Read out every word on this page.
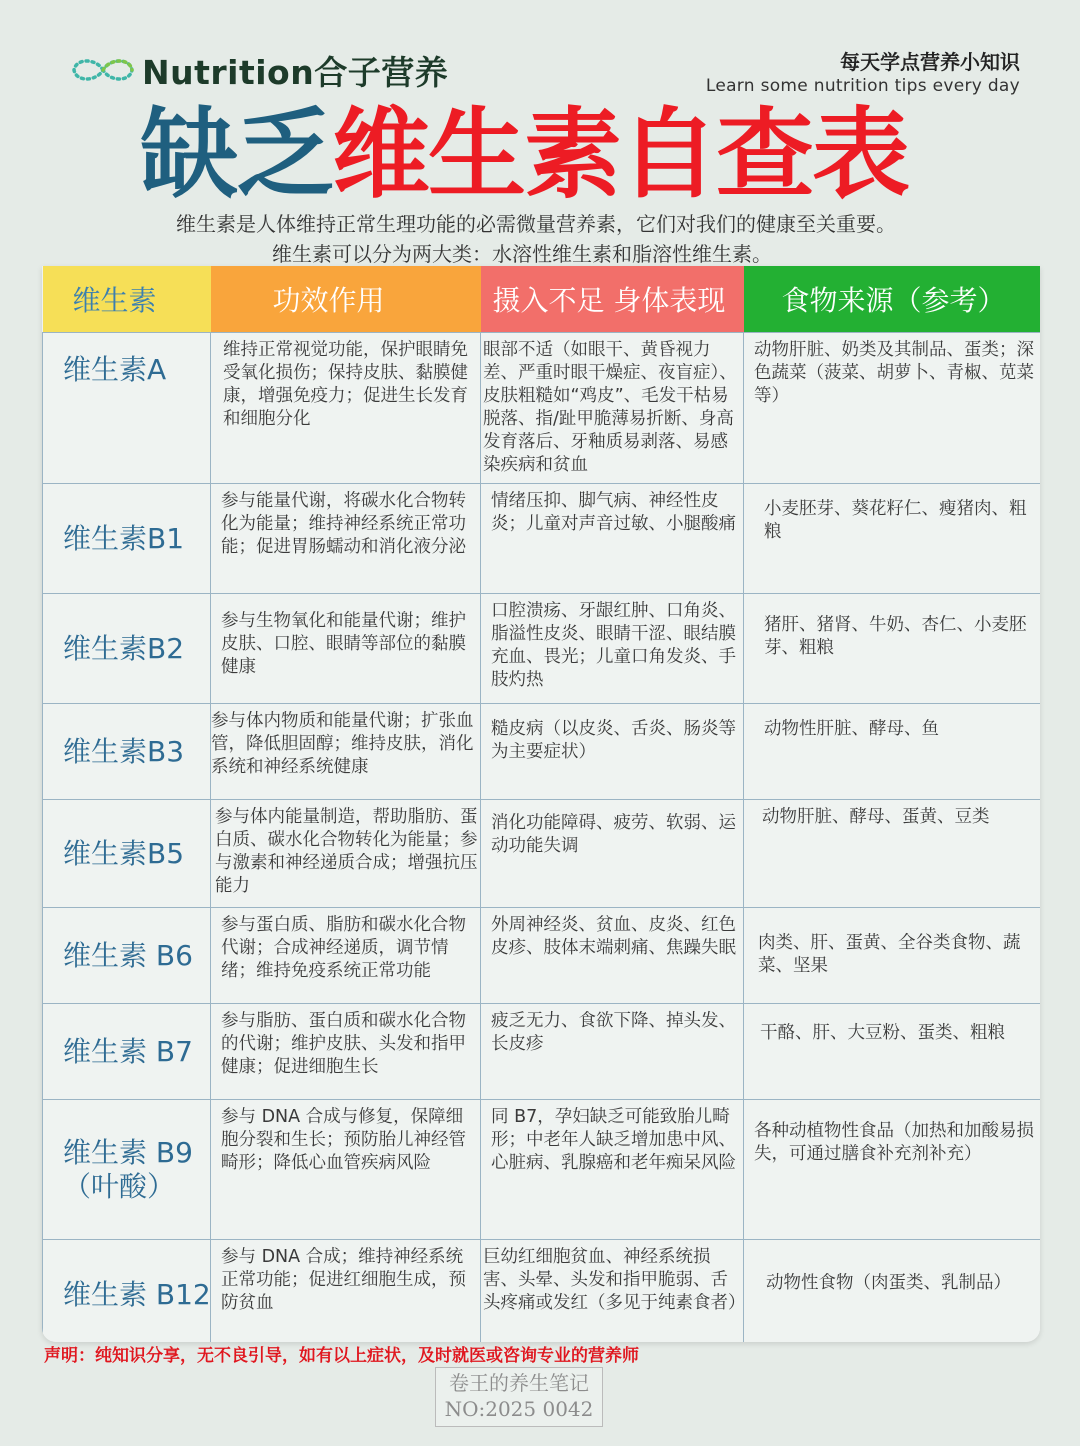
Nutrition合子营养	每天学点营养小知识
Learn some nutrition tips every day
缺乏维生素自查表
维生素是人体维持正常生理功能的必需微量营养素，它们对我们的健康至关重要。
维生素可以分为两大类：水溶性维生素和脂溶性维生素。
维生素	功效作用	摄入不足 身体表现	食物来源（参考）
维生素A	维持正常视觉功能，保护眼睛免受氧化损伤；保持皮肤、黏膜健康，增强免疫力；促进生长发育和细胞分化	眼部不适（如眼干、黄昏视力差、严重时眼干燥症、夜盲症）、皮肤粗糙如“鸡皮”、毛发干枯易脱落、指/趾甲脆薄易折断、身高发育落后、牙釉质易剥落、易感染疾病和贫血	动物肝脏、奶类及其制品、蛋类；深色蔬菜（菠菜、胡萝卜、青椒、苋菜等）
维生素B1	参与能量代谢，将碳水化合物转化为能量；维持神经系统正常功能；促进胃肠蠕动和消化液分泌	情绪压抑、脚气病、神经性皮炎；儿童对声音过敏、小腿酸痛	小麦胚芽、葵花籽仁、瘦猪肉、粗粮
维生素B2	参与生物氧化和能量代谢；维护皮肤、口腔、眼睛等部位的黏膜健康	口腔溃疡、牙龈红肿、口角炎、脂溢性皮炎、眼睛干涩、眼结膜充血、畏光；儿童口角发炎、手肢灼热	猪肝、猪肾、牛奶、杏仁、小麦胚芽、粗粮
维生素B3	参与体内物质和能量代谢；扩张血管，降低胆固醇；维持皮肤，消化系统和神经系统健康	糙皮病（以皮炎、舌炎、肠炎等为主要症状）	动物性肝脏、酵母、鱼
维生素B5	参与体内能量制造，帮助脂肪、蛋白质、碳水化合物转化为能量；参与激素和神经递质合成；增强抗压能力	消化功能障碍、疲劳、软弱、运动功能失调	动物肝脏、酵母、蛋黄、豆类
维生素 B6	参与蛋白质、脂肪和碳水化合物代谢；合成神经递质，调节情绪；维持免疫系统正常功能	外周神经炎、贫血、皮炎、红色皮疹、肢体末端刺痛、焦躁失眠	肉类、肝、蛋黄、全谷类食物、蔬菜、坚果
维生素 B7	参与脂肪、蛋白质和碳水化合物的代谢；维护皮肤、头发和指甲健康；促进细胞生长	疲乏无力、食欲下降、掉头发、长皮疹	干酪、肝、大豆粉、蛋类、粗粮
维生素 B9
（叶酸）	参与 DNA 合成与修复，保障细胞分裂和生长；预防胎儿神经管畸形；降低心血管疾病风险	同 B7，孕妇缺乏可能致胎儿畸形；中老年人缺乏增加患中风、心脏病、乳腺癌和老年痴呆风险	各种动植物性食品（加热和加酸易损失，可通过膳食补充剂补充）
维生素 B12	参与 DNA 合成；维持神经系统正常功能；促进红细胞生成，预防贫血	巨幼红细胞贫血、神经系统损害、头晕、头发和指甲脆弱、舌头疼痛或发红（多见于纯素食者）	动物性食物（肉蛋类、乳制品）
声明：纯知识分享，无不良引导，如有以上症状，及时就医或咨询专业的营养师
卷王的养生笔记
NO:2025 0042
